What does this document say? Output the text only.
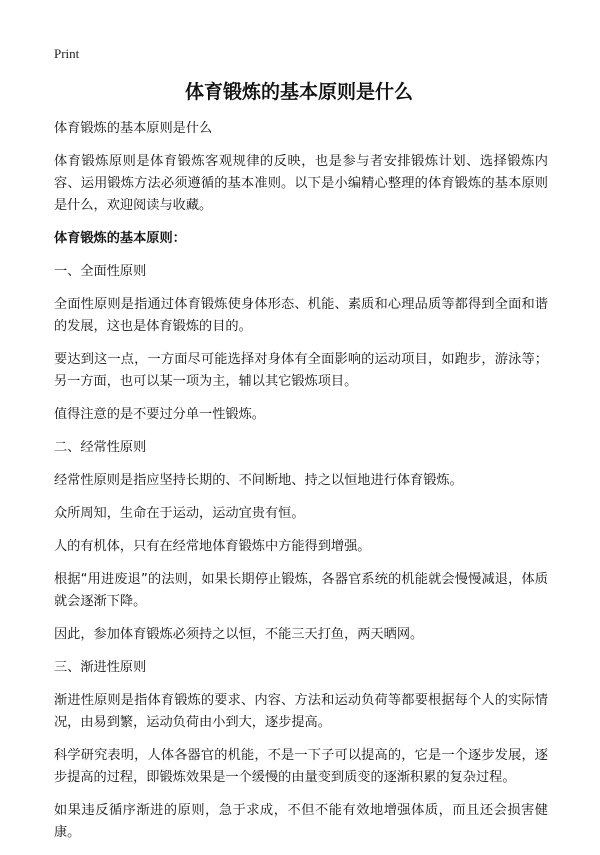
Print
体育锻炼的基本原则是什么

体育锻炼的基本原则是什么

体育锻炼原则是体育锻炼客观规律的反映，也是参与者安排锻炼计划、选择锻炼内容、运用锻炼方法必须遵循的基本准则。以下是小编精心整理的体育锻炼的基本原则是什么，欢迎阅读与收藏。

体育锻炼的基本原则：

一、全面性原则

全面性原则是指通过体育锻炼使身体形态、机能、素质和心理品质等都得到全面和谐的发展，这也是体育锻炼的目的。

要达到这一点，一方面尽可能选择对身体有全面影响的运动项目，如跑步，游泳等；另一方面，也可以某一项为主，辅以其它锻炼项目。

值得注意的是不要过分单一性锻炼。

二、经常性原则

经常性原则是指应坚持长期的、不间断地、持之以恒地进行体育锻炼。

众所周知，生命在于运动，运动宜贵有恒。

人的有机体，只有在经常地体育锻炼中方能得到增强。

根据“用进废退”的法则，如果长期停止锻炼，各器官系统的机能就会慢慢减退，体质就会逐渐下降。

因此，参加体育锻炼必须持之以恒，不能三天打鱼，两天晒网。

三、渐进性原则

渐进性原则是指体育锻炼的要求、内容、方法和运动负荷等都要根据每个人的实际情况，由易到繁，运动负荷由小到大，逐步提高。

科学研究表明，人体各器官的机能，不是一下子可以提高的，它是一个逐步发展，逐步提高的过程，即锻炼效果是一个缓慢的由量变到质变的逐渐积累的复杂过程。

如果违反循序渐进的原则，急于求成，不但不能有效地增强体质，而且还会损害健康。
